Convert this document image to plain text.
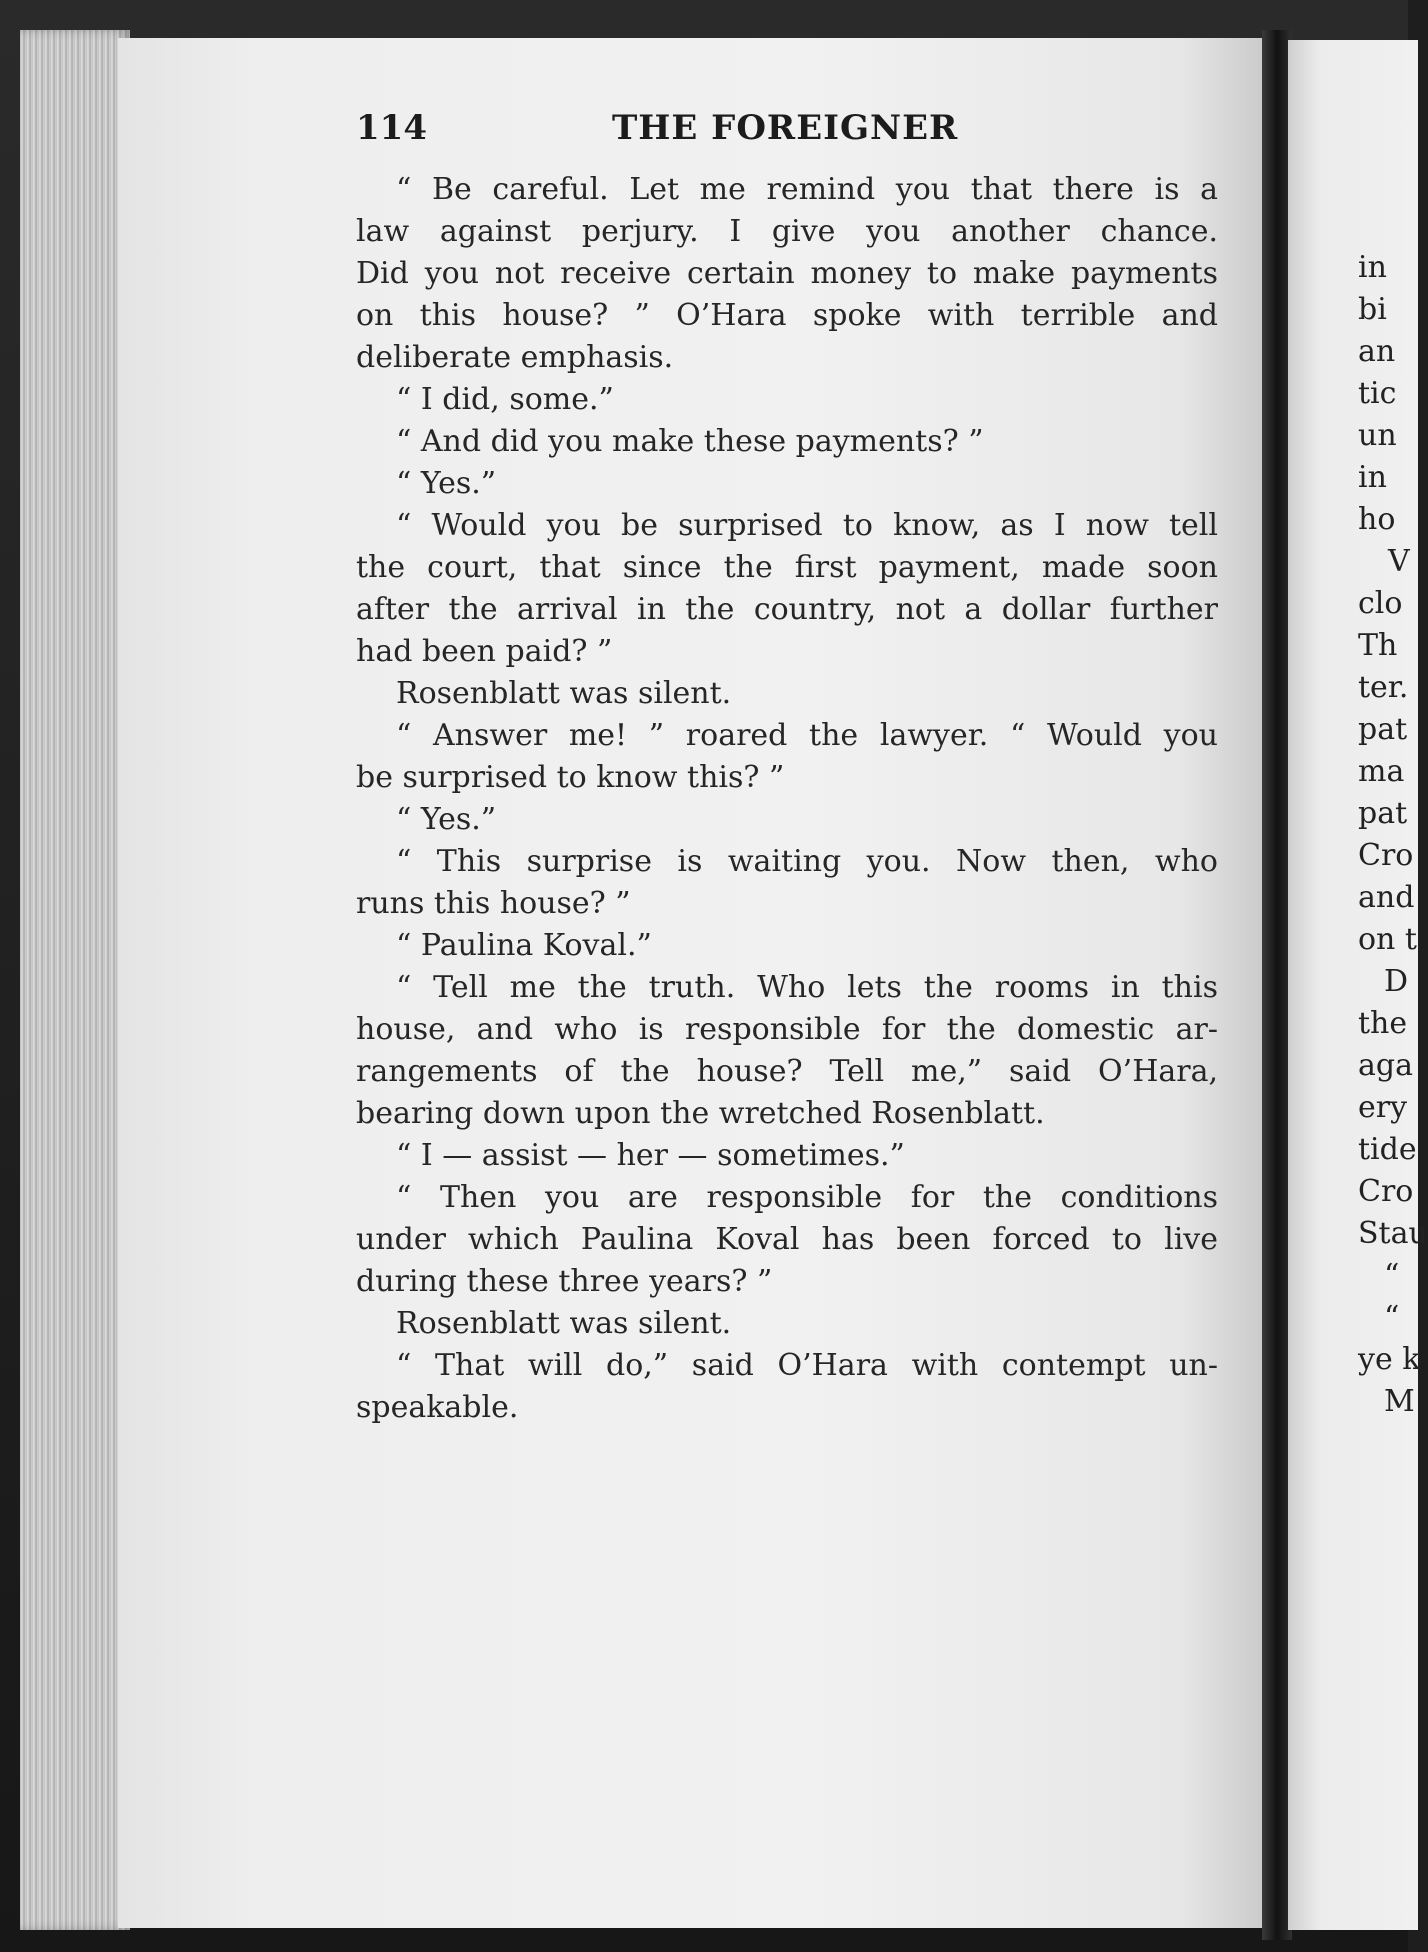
114	THE FOREIGNER
“ Be careful. Let me remind you that there is a
law against perjury. I give you another chance.
Did you not receive certain money to make payments
on this house? ” O’Hara spoke with terrible and
deliberate emphasis.
“ I did, some.”
“ And did you make these payments? ”
“ Yes.”
“ Would you be surprised to know, as I now tell
the court, that since the first payment, made soon
after the arrival in the country, not a dollar further
had been paid? ”
Rosenblatt was silent.
“ Answer me! ” roared the lawyer. “ Would you
be surprised to know this? ”
“ Yes.”
“ This surprise is waiting you. Now then, who
runs this house? ”
“ Paulina Koval.”
“ Tell me the truth. Who lets the rooms in this
house, and who is responsible for the domestic ar-
rangements of the house? Tell me,” said O’Hara,
bearing down upon the wretched Rosenblatt.
“ I — assist — her — sometimes.”
“ Then you are responsible for the conditions
under which Paulina Koval has been forced to live
during these three years? ”
Rosenblatt was silent.
“ That will do,” said O’Hara with contempt un-
speakable.
in
bi
an
tic
un
in
ho
V
clo
Th
ter.
pat
ma
pat
Cro
and
on t
D
the
aga
ery
tide
Cro
Stau
“
“
ye k
M
